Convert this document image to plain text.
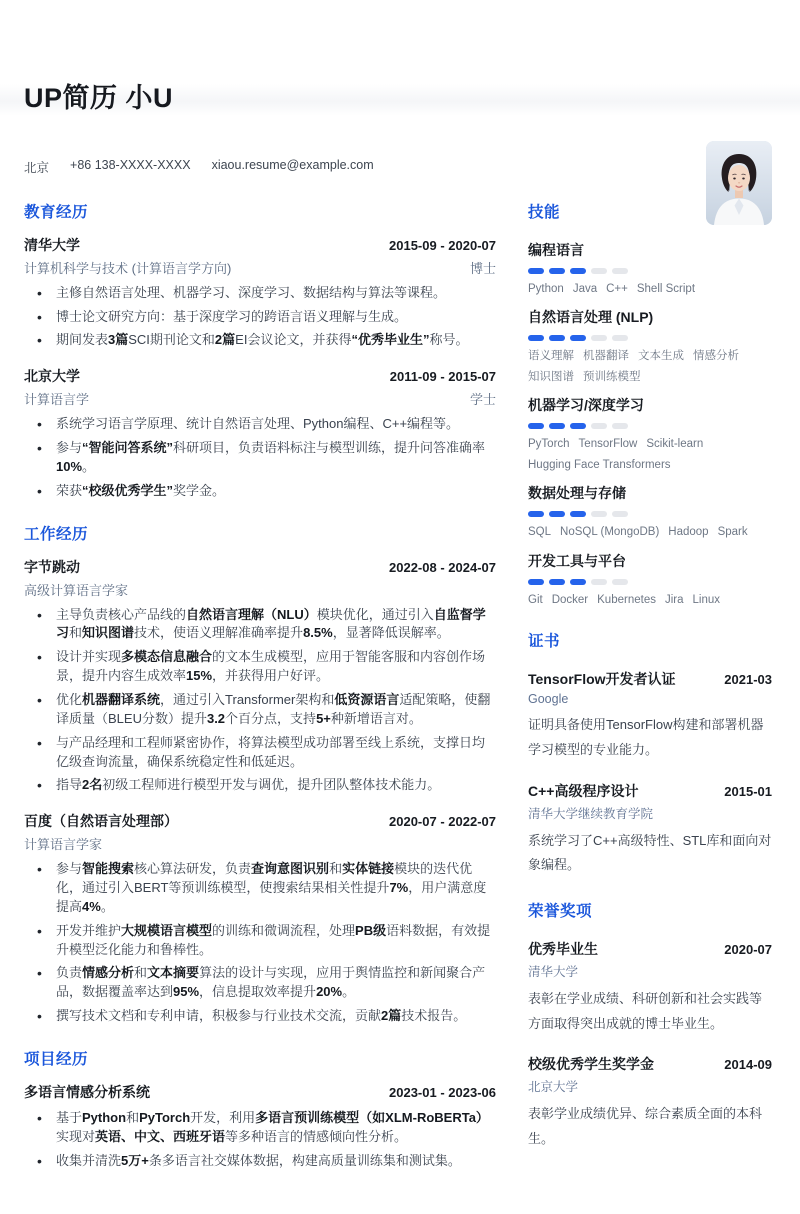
UP简历 小U
北京 +86 138-XXXX-XXXX xiaou.resume@example.com
教育经历
清华大学	2015-09 - 2020-07
计算机科学与技术 (计算语言学方向)	博士
• 主修自然语言处理、机器学习、深度学习、数据结构与算法等课程。
• 博士论文研究方向：基于深度学习的跨语言语义理解与生成。
• 期间发表3篇SCI期刊论文和2篇EI会议论文，并获得“优秀毕业生”称号。
北京大学	2011-09 - 2015-07
计算语言学	学士
• 系统学习语言学原理、统计自然语言处理、Python编程、C++编程等。
• 参与“智能问答系统”科研项目，负责语料标注与模型训练，提升问答准确率10%。
• 荣获“校级优秀学生”奖学金。
工作经历
字节跳动	2022-08 - 2024-07
高级计算语言学家
• 主导负责核心产品线的自然语言理解（NLU）模块优化，通过引入自监督学习和知识图谱技术，使语义理解准确率提升8.5%，显著降低误解率。
• 设计并实现多模态信息融合的文本生成模型，应用于智能客服和内容创作场景，提升内容生成效率15%，并获得用户好评。
• 优化机器翻译系统，通过引入Transformer架构和低资源语言适配策略，使翻译质量（BLEU分数）提升3.2个百分点，支持5+种新增语言对。
• 与产品经理和工程师紧密协作，将算法模型成功部署至线上系统，支撑日均亿级查询流量，确保系统稳定性和低延迟。
• 指导2名初级工程师进行模型开发与调优，提升团队整体技术能力。
百度（自然语言处理部）	2020-07 - 2022-07
计算语言学家
• 参与智能搜索核心算法研发，负责查询意图识别和实体链接模块的迭代优化，通过引入BERT等预训练模型，使搜索结果相关性提升7%，用户满意度提高4%。
• 开发并维护大规模语言模型的训练和微调流程，处理PB级语料数据，有效提升模型泛化能力和鲁棒性。
• 负责情感分析和文本摘要算法的设计与实现，应用于舆情监控和新闻聚合产品，数据覆盖率达到95%，信息提取效率提升20%。
• 撰写技术文档和专利申请，积极参与行业技术交流，贡献2篇技术报告。
项目经历
多语言情感分析系统	2023-01 - 2023-06
• 基于Python和PyTorch开发，利用多语言预训练模型（如XLM-RoBERTa）实现对英语、中文、西班牙语等多种语言的情感倾向性分析。
• 收集并清洗5万+条多语言社交媒体数据，构建高质量训练集和测试集。
技能
编程语言
Python Java C++ Shell Script
自然语言处理 (NLP)
语义理解 机器翻译 文本生成 情感分析
知识图谱 预训练模型
机器学习/深度学习
PyTorch TensorFlow Scikit-learn
Hugging Face Transformers
数据处理与存储
SQL NoSQL (MongoDB) Hadoop Spark
开发工具与平台
Git Docker Kubernetes Jira Linux
证书
TensorFlow开发者认证	2021-03
Google
证明具备使用TensorFlow构建和部署机器学习模型的专业能力。
C++高级程序设计	2015-01
清华大学继续教育学院
系统学习了C++高级特性、STL库和面向对象编程。
荣誉奖项
优秀毕业生	2020-07
清华大学
表彰在学业成绩、科研创新和社会实践等方面取得突出成就的博士毕业生。
校级优秀学生奖学金	2014-09
北京大学
表彰学业成绩优异、综合素质全面的本科生。
